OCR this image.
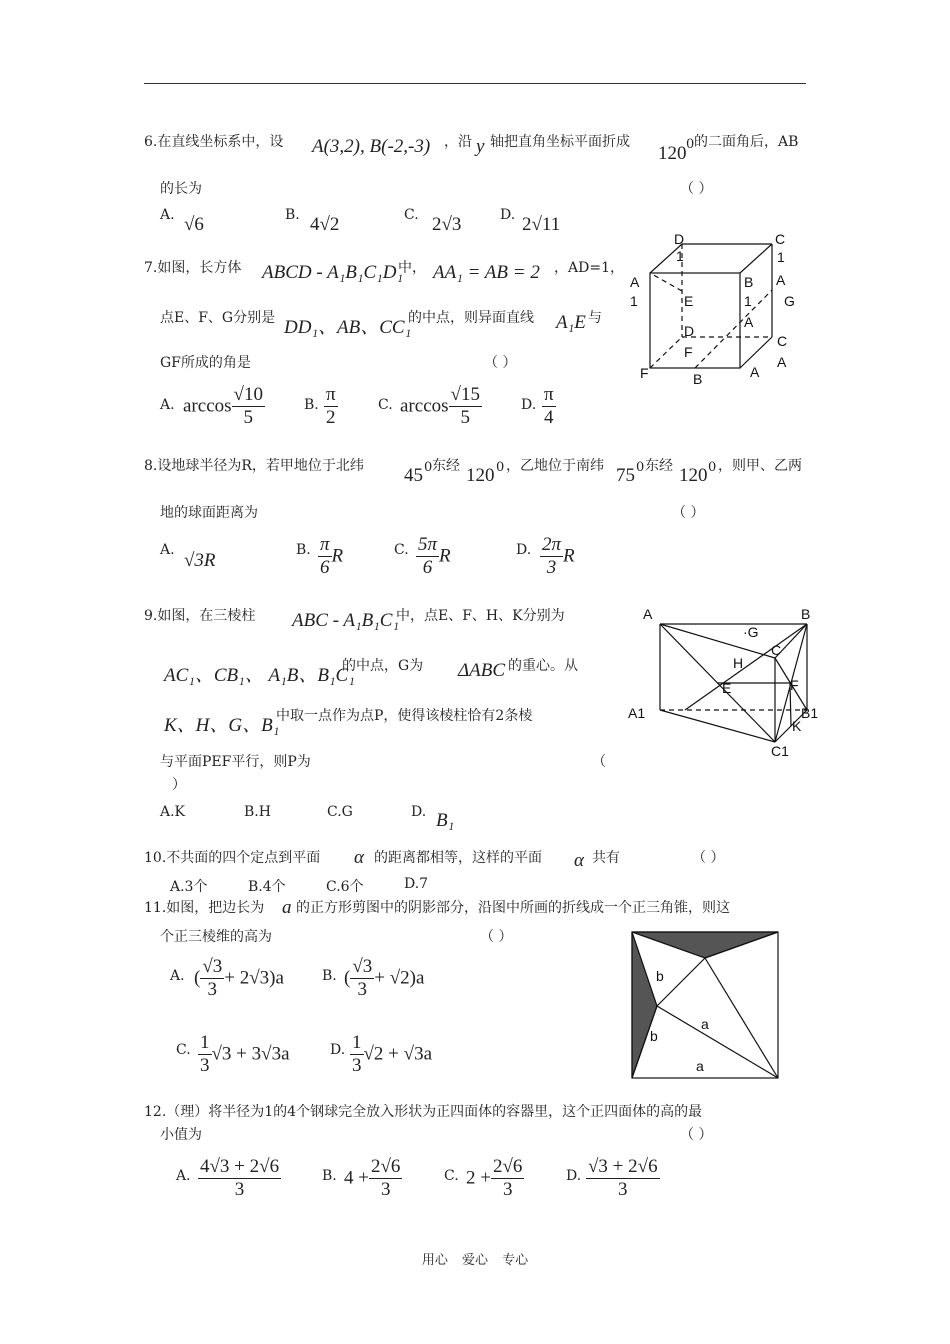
6.在直线坐标系中，设 A(3,2), B(-2,-3) ，沿 y 轴把直角坐标平面折成
120 0 的二面角后，AB
的长为	（ ）
A. √6	B. 4√2	C. 2√3	D. 2√11
7.如图，长方体 ABCD - A₁B₁C₁D₁
中， AA₁ = AB = 2 ，AD=1，
点E、F、G分别是 DD₁、AB、CC₁
的中点，则异面直线 A₁E 与
GF所成的角是	（ ）
A. $\arccos \frac{√10}{5}$	B. $\frac{\pi}{2}$	C. $\arccos \frac{√15}{5}$	D. $\frac{\pi}{4}$
D
1
C
1
A
1	E
B
1
A
G
D
C
A
F
A
F	B	A
8.设地球半径为R，若甲地位于北纬 45 0 东经 120 0 ，乙地位于南纬 75 0 东经 120 0 ，则甲、乙两
地的球面距离为	（ ）
A. √3R	B. $\frac{\pi}{6}$ R	C. $\frac{5\pi}{6}$ R	D. $\frac{2\pi}{3}$ R
9.如图，在三棱柱 ABC - A₁B₁C₁
中，点E、F、H、K分别为
AC₁、CB₁、 A₁B、B₁C₁
的中点，G为 ΔABC 的重心。从
K、H、G、B₁
中取一点作为点P，使得该棱柱恰有2条棱
与平面PEF平行，则P为	（
）
A.K	B.H	C.G	D. B₁
A	B
·G
C
H
E	F
A1	B1
K
C1
10.不共面的四个定点到平面 α 的距离都相等，这样的平面 α 共有	（ ）
A.3个	B.4个	C.6个	D.7
11.如图，把边长为 a 的正方形剪图中的阴影部分，沿图中所画的折线成一个正三角锥，则这
个正三棱维的高为	（ ）
A. ( $\frac{√3}{3} + 2√3)a$	B. ( $\frac{√3}{3} + √2)a$
C. $\frac{1}{3} √3 + 3√3a$	D. $\frac{1}{3} √2 + √3a$
b
b
a
a
12.（理）将半径为1的4个钢球完全放入形状为正四面体的容器里，这个正四面体的高的最
小值为	（ ）
A. $\frac{4√3 + 2√6}{3}$	B. $4 + \frac{2√6}{3}$	C. $2 + \frac{2√6}{3}$	D. $\frac{√3 + 2√6}{3}$
用心 爱心 专心
